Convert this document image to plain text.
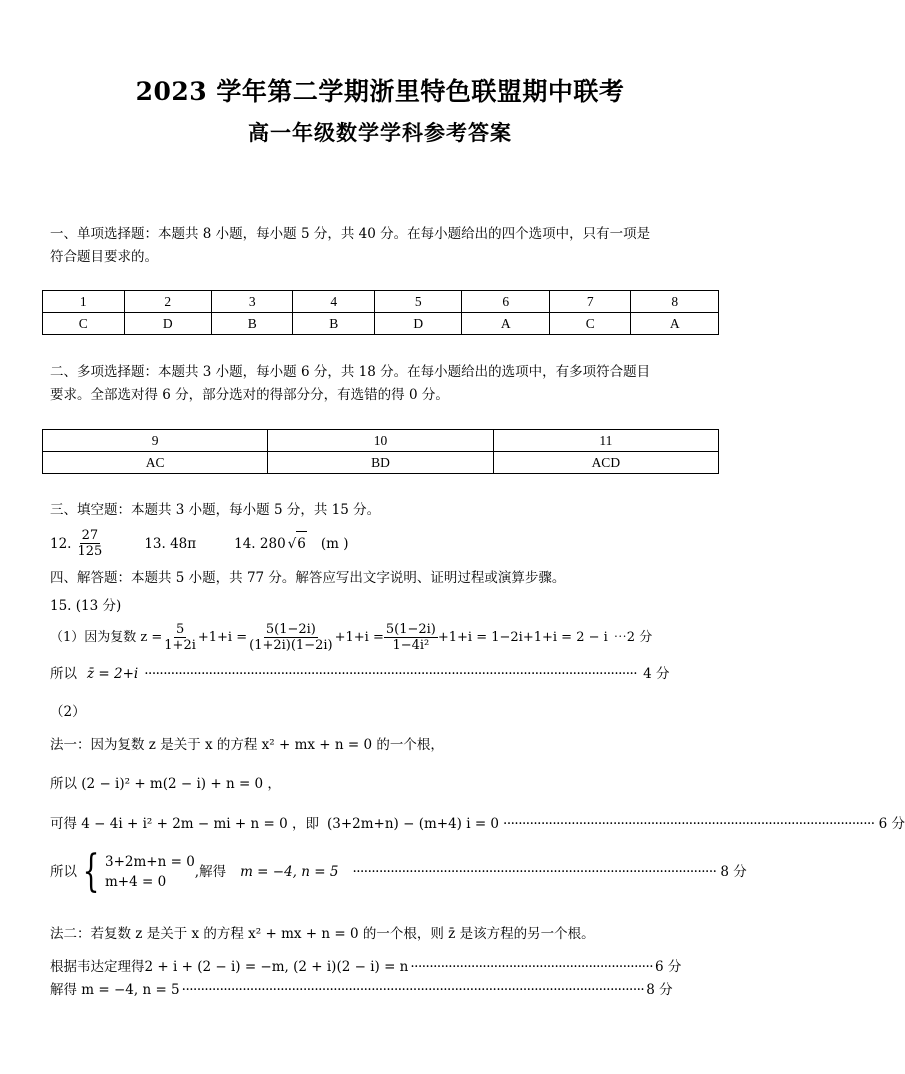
2023 学年第二学期浙里特色联盟期中联考
高一年级数学学科参考答案
一、单项选择题：本题共 8 小题，每小题 5 分，共 40 分。在每小题给出的四个选项中，只有一项是
符合题目要求的。
1	2	3	4	5	6	7	8
C	D	B	B	D	A	C	A
二、多项选择题：本题共 3 小题，每小题 6 分，共 18 分。在每小题给出的选项中，有多项符合题目
要求。全部选对得 6 分，部分选对的得部分分，有选错的得 0 分。
9	10	11
AC	BD	ACD
三、填空题：本题共 3 小题，每小题 5 分，共 15 分。
12. $\frac{27}{125}$	13. 48π	14. 280 √ 6 (m )
四、解答题：本题共 5 小题，共 77 分。解答应写出文字说明、证明过程或演算步骤。
15. (13 分)
（1）因为复数 $z = \frac{5}{1+2i} +1+i = \frac{5(1-2i)}{(1+2i)(1-2i)} +1+i = \frac{5(1-2i)}{\text{1−4i²}} +1+i = 1-2i+1+i = 2 - i$ ⋯2 分
所以 z̄ = 2+i ·································································································································· 4 分
（2）
法一：因为复数 z 是关于 x 的方程 x² + mx + n = 0 的一个根，
所以 (2 − i)² + m(2 − i) + n = 0 ，
可得 4 − 4i + i² + 2m − mi + n = 0 ，即 (3+2m+n) − (m+4) i = 0 ·································································································· 6 分
所以 { 3+2m+n = 0
m+4 = 0
,解得 m = −4, n = 5 ································································································ 8 分
法二：若复数 z 是关于 x 的方程 x² + mx + n = 0 的一个根，则 z̄ 是该方程的另一个根。
根据韦达定理得2 + i + (2 − i) = −m, (2 + i)(2 − i) = n ································································ 6 分
解得 m = −4, n = 5 ·························································································································· 8 分
